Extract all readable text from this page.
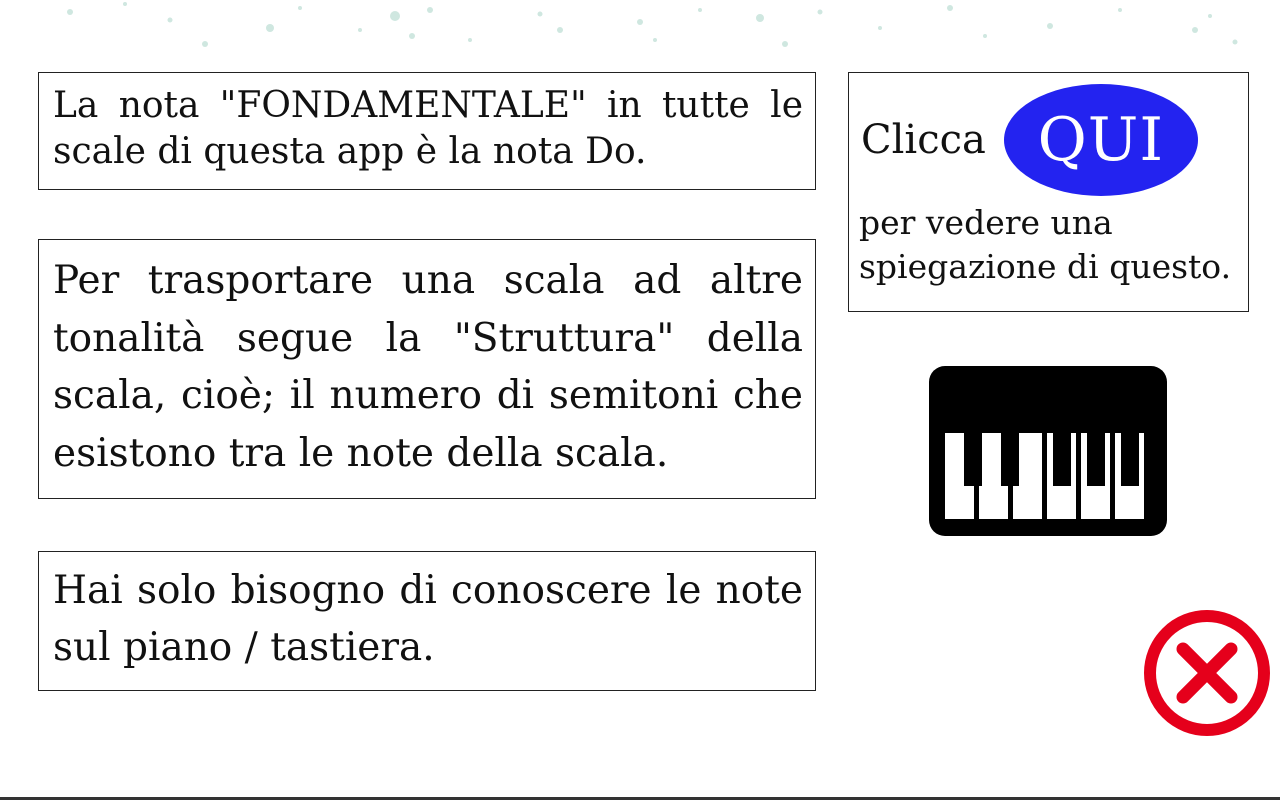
La nota "FONDAMENTALE" in tutte le scale di questa app è la nota Do.
Per trasportare una scala ad altre tonalità segue la "Struttura" della scala, cioè; il numero di semitoni che esistono tra le note della scala.
Hai solo bisogno di conoscere le note sul piano / tastiera.
Clicca QUI
per vedere una spiegazione di questo.
